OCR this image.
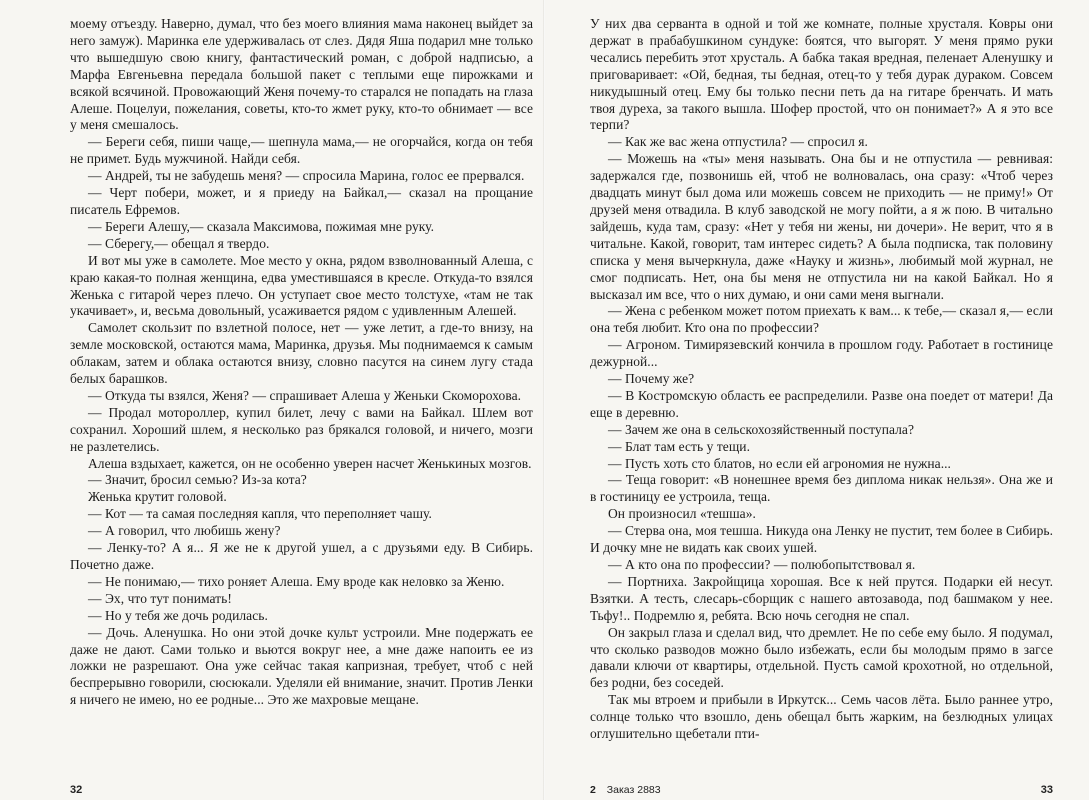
моему отъезду. Наверно, думал, что без моего влияния мама наконец выйдет за него замуж). Маринка еле удерживалась от слез. Дядя Яша подарил мне только что вышедшую свою книгу, фантастический роман, с доброй надписью, а Марфа Евгеньевна передала большой пакет с теплыми еще пирожками и всякой всячиной. Провожающий Женя почему-то старался не попадать на глаза Алеше. Поцелуи, пожелания, советы, кто-то жмет руку, кто-то обнимает — все у меня смешалось.

— Береги себя, пиши чаще,— шепнула мама,— не огорчайся, когда он тебя не примет. Будь мужчиной. Найди себя.

— Андрей, ты не забудешь меня? — спросила Марина, голос ее прервался.

— Черт побери, может, и я приеду на Байкал,— сказал на прощание писатель Ефремов.

— Береги Алешу,— сказала Максимова, пожимая мне руку.

— Сберегу,— обещал я твердо.

И вот мы уже в самолете. Мое место у окна, рядом взволнованный Алеша, с краю какая-то полная женщина, едва уместившаяся в кресле. Откуда-то взялся Женька с гитарой через плечо. Он уступает свое место толстухе, «там не так укачивает», и, весьма довольный, усаживается рядом с удивленным Алешей.

Самолет скользит по взлетной полосе, нет — уже летит, а где-то внизу, на земле московской, остаются мама, Маринка, друзья. Мы поднимаемся к самым облакам, затем и облака остаются внизу, словно пасутся на синем лугу стада белых барашков.

— Откуда ты взялся, Женя? — спрашивает Алеша у Женьки Скоморохова.

— Продал мотороллер, купил билет, лечу с вами на Байкал. Шлем вот сохранил. Хороший шлем, я несколько раз брякался головой, и ничего, мозги не разлетелись.

Алеша вздыхает, кажется, он не особенно уверен насчет Женькиных мозгов.

— Значит, бросил семью? Из-за кота?

Женька крутит головой.

— Кот — та самая последняя капля, что переполняет чашу.

— А говорил, что любишь жену?

— Ленку-то? А я... Я же не к другой ушел, а с друзьями еду. В Сибирь. Почетно даже.

— Не понимаю,— тихо роняет Алеша. Ему вроде как неловко за Женю.

— Эх, что тут понимать!

— Но у тебя же дочь родилась.

— Дочь. Аленушка. Но они этой дочке культ устроили. Мне подержать ее даже не дают. Сами только и вьются вокруг нее, а мне даже напоить ее из ложки не разрешают. Она уже сейчас такая капризная, требует, чтоб с ней беспрерывно говорили, сюсюкали. Уделяли ей внимание, значит. Против Ленки я ничего не имею, но ее родные... Это же махровые мещане.

32

У них два серванта в одной и той же комнате, полные хрусталя. Ковры они держат в прабабушкином сундуке: боятся, что выгорят. У меня прямо руки чесались перебить этот хрусталь. А бабка такая вредная, пеленает Аленушку и приговаривает: «Ой, бедная, ты бедная, отец-то у тебя дурак дураком. Совсем никудышный отец. Ему бы только песни петь да на гитаре бренчать. И мать твоя дуреха, за такого вышла. Шофер простой, что он понимает?» А я это все терпи?

— Как же вас жена отпустила? — спросил я.

— Можешь на «ты» меня называть. Она бы и не отпустила — ревнивая: задержался где, позвонишь ей, чтоб не волновалась, она сразу: «Чтоб через двадцать минут был дома или можешь совсем не приходить — не приму!» От друзей меня отвадила. В клуб заводской не могу пойти, а я ж пою. В читально зайдешь, куда там, сразу: «Нет у тебя ни жены, ни дочери». Не верит, что я в читальне. Какой, говорит, там интерес сидеть? А была подписка, так половину списка у меня вычеркнула, даже «Науку и жизнь», любимый мой журнал, не смог подписать. Нет, она бы меня не отпустила ни на какой Байкал. Но я высказал им все, что о них думаю, и они сами меня выгнали.

— Жена с ребенком может потом приехать к вам... к тебе,— сказал я,— если она тебя любит. Кто она по профессии?

— Агроном. Тимирязевский кончила в прошлом году. Работает в гостинице дежурной...

— Почему же?

— В Костромскую область ее распределили. Разве она поедет от матери! Да еще в деревню.

— Зачем же она в сельскохозяйственный поступала?

— Блат там есть у тещи.

— Пусть хоть сто блатов, но если ей агрономия не нужна...

— Теща говорит: «В нонешнее время без диплома никак нельзя». Она же и в гостиницу ее устроила, теща.

Он произносил «тешша».

— Стерва она, моя тешша. Никуда она Ленку не пустит, тем более в Сибирь. И дочку мне не видать как своих ушей.

— А кто она по профессии? — полюбопытствовал я.

— Портниха. Закройщица хорошая. Все к ней прутся. Подарки ей несут. Взятки. А тесть, слесарь-сборщик с нашего автозавода, под башмаком у нее. Тьфу!.. Подремлю я, ребята. Всю ночь сегодня не спал.

Он закрыл глаза и сделал вид, что дремлет. Не по себе ему было. Я подумал, что сколько разводов можно было избежать, если бы молодым прямо в загсе давали ключи от квартиры, отдельной. Пусть самой крохотной, но отдельной, без родни, без соседей.

Так мы втроем и прибыли в Иркутск... Семь часов лёта. Было раннее утро, солнце только что взошло, день обещал быть жарким, на безлюдных улицах оглушительно щебетали пти-

2 Заказ 2883	33
